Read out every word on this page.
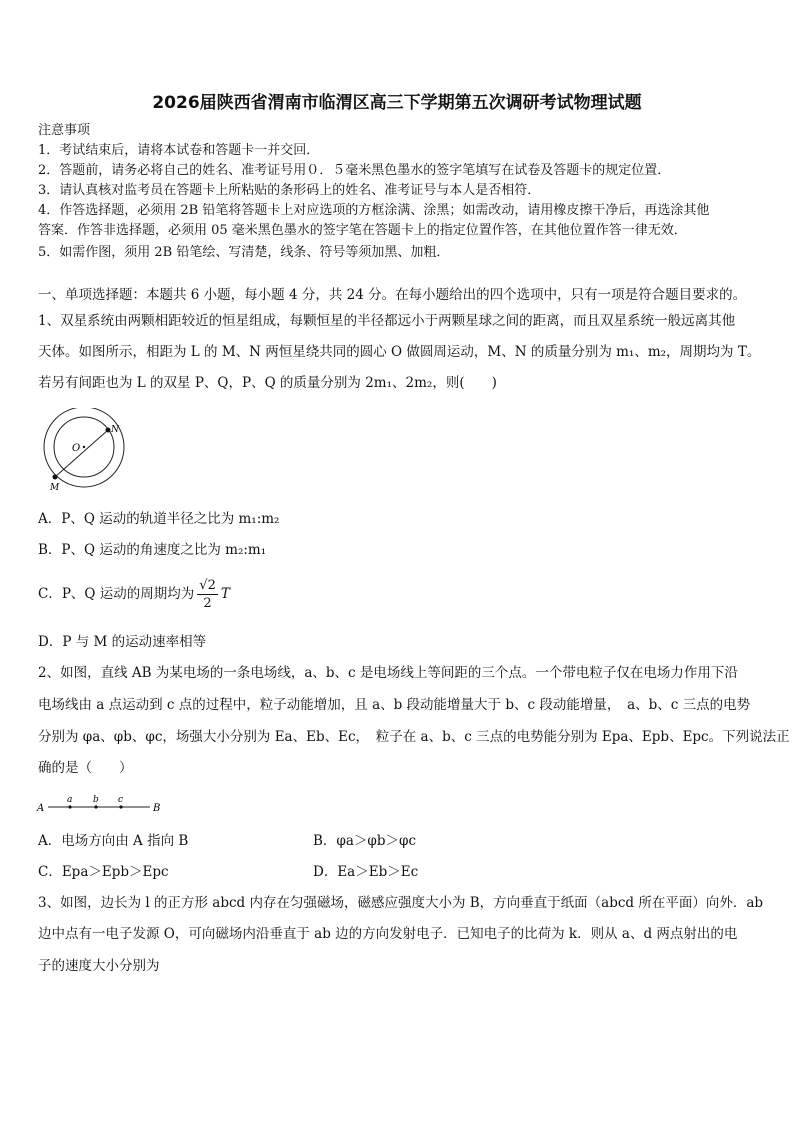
2026届陕西省渭南市临渭区高三下学期第五次调研考试物理试题
注意事项
1．考试结束后，请将本试卷和答题卡一并交回．
2．答题前，请务必将自己的姓名、准考证号用０．５毫米黑色墨水的签字笔填写在试卷及答题卡的规定位置．
3．请认真核对监考员在答题卡上所粘贴的条形码上的姓名、准考证号与本人是否相符．
4．作答选择题，必须用 2B 铅笔将答题卡上对应选项的方框涂满、涂黑；如需改动，请用橡皮擦干净后，再选涂其他
答案．作答非选择题，必须用 05 毫米黑色墨水的签字笔在答题卡上的指定位置作答，在其他位置作答一律无效．
5．如需作图，须用 2B 铅笔绘、写清楚，线条、符号等须加黑、加粗．
一、单项选择题：本题共 6 小题，每小题 4 分，共 24 分。在每小题给出的四个选项中，只有一项是符合题目要求的。
1、双星系统由两颗相距较近的恒星组成，每颗恒星的半径都远小于两颗星球之间的距离，而且双星系统一般远离其他
天体。如图所示，相距为 L 的 M、N 两恒星绕共同的圆心 O 做圆周运动，M、N 的质量分别为 m₁、m₂，周期均为 T。
若另有间距也为 L 的双星 P、Q，P、Q 的质量分别为 2m₁、2m₂，则(　　)
O
N
M
A．P、Q 运动的轨道半径之比为 m₁:m₂
B．P、Q 运动的角速度之比为 m₂:m₁
C．P、Q 运动的周期均为 $\frac{√2}{2}$ T
D．P 与 M 的运动速率相等
2、如图，直线 AB 为某电场的一条电场线，a、b、c 是电场线上等间距的三个点。一个带电粒子仅在电场力作用下沿
电场线由 a 点运动到 c 点的过程中，粒子动能增加，且 a、b 段动能增量大于 b、c 段动能增量，　a、b、c 三点的电势
分别为 φa、φb、φc，场强大小分别为 Ea、Eb、Ec，　粒子在 a、b、c 三点的电势能分别为 Epa、Epb、Epc。下列说法正
确的是（　　）
A
a b c
B
A．电场方向由 A 指向 B	B．φa＞φb＞φc
C．Epa＞Epb＞Epc	D．Ea＞Eb＞Ec
3、如图，边长为 l 的正方形 abcd 内存在匀强磁场，磁感应强度大小为 B，方向垂直于纸面（abcd 所在平面）向外．ab
边中点有一电子发源 O，可向磁场内沿垂直于 ab 边的方向发射电子．已知电子的比荷为 k．则从 a、d 两点射出的电
子的速度大小分别为
